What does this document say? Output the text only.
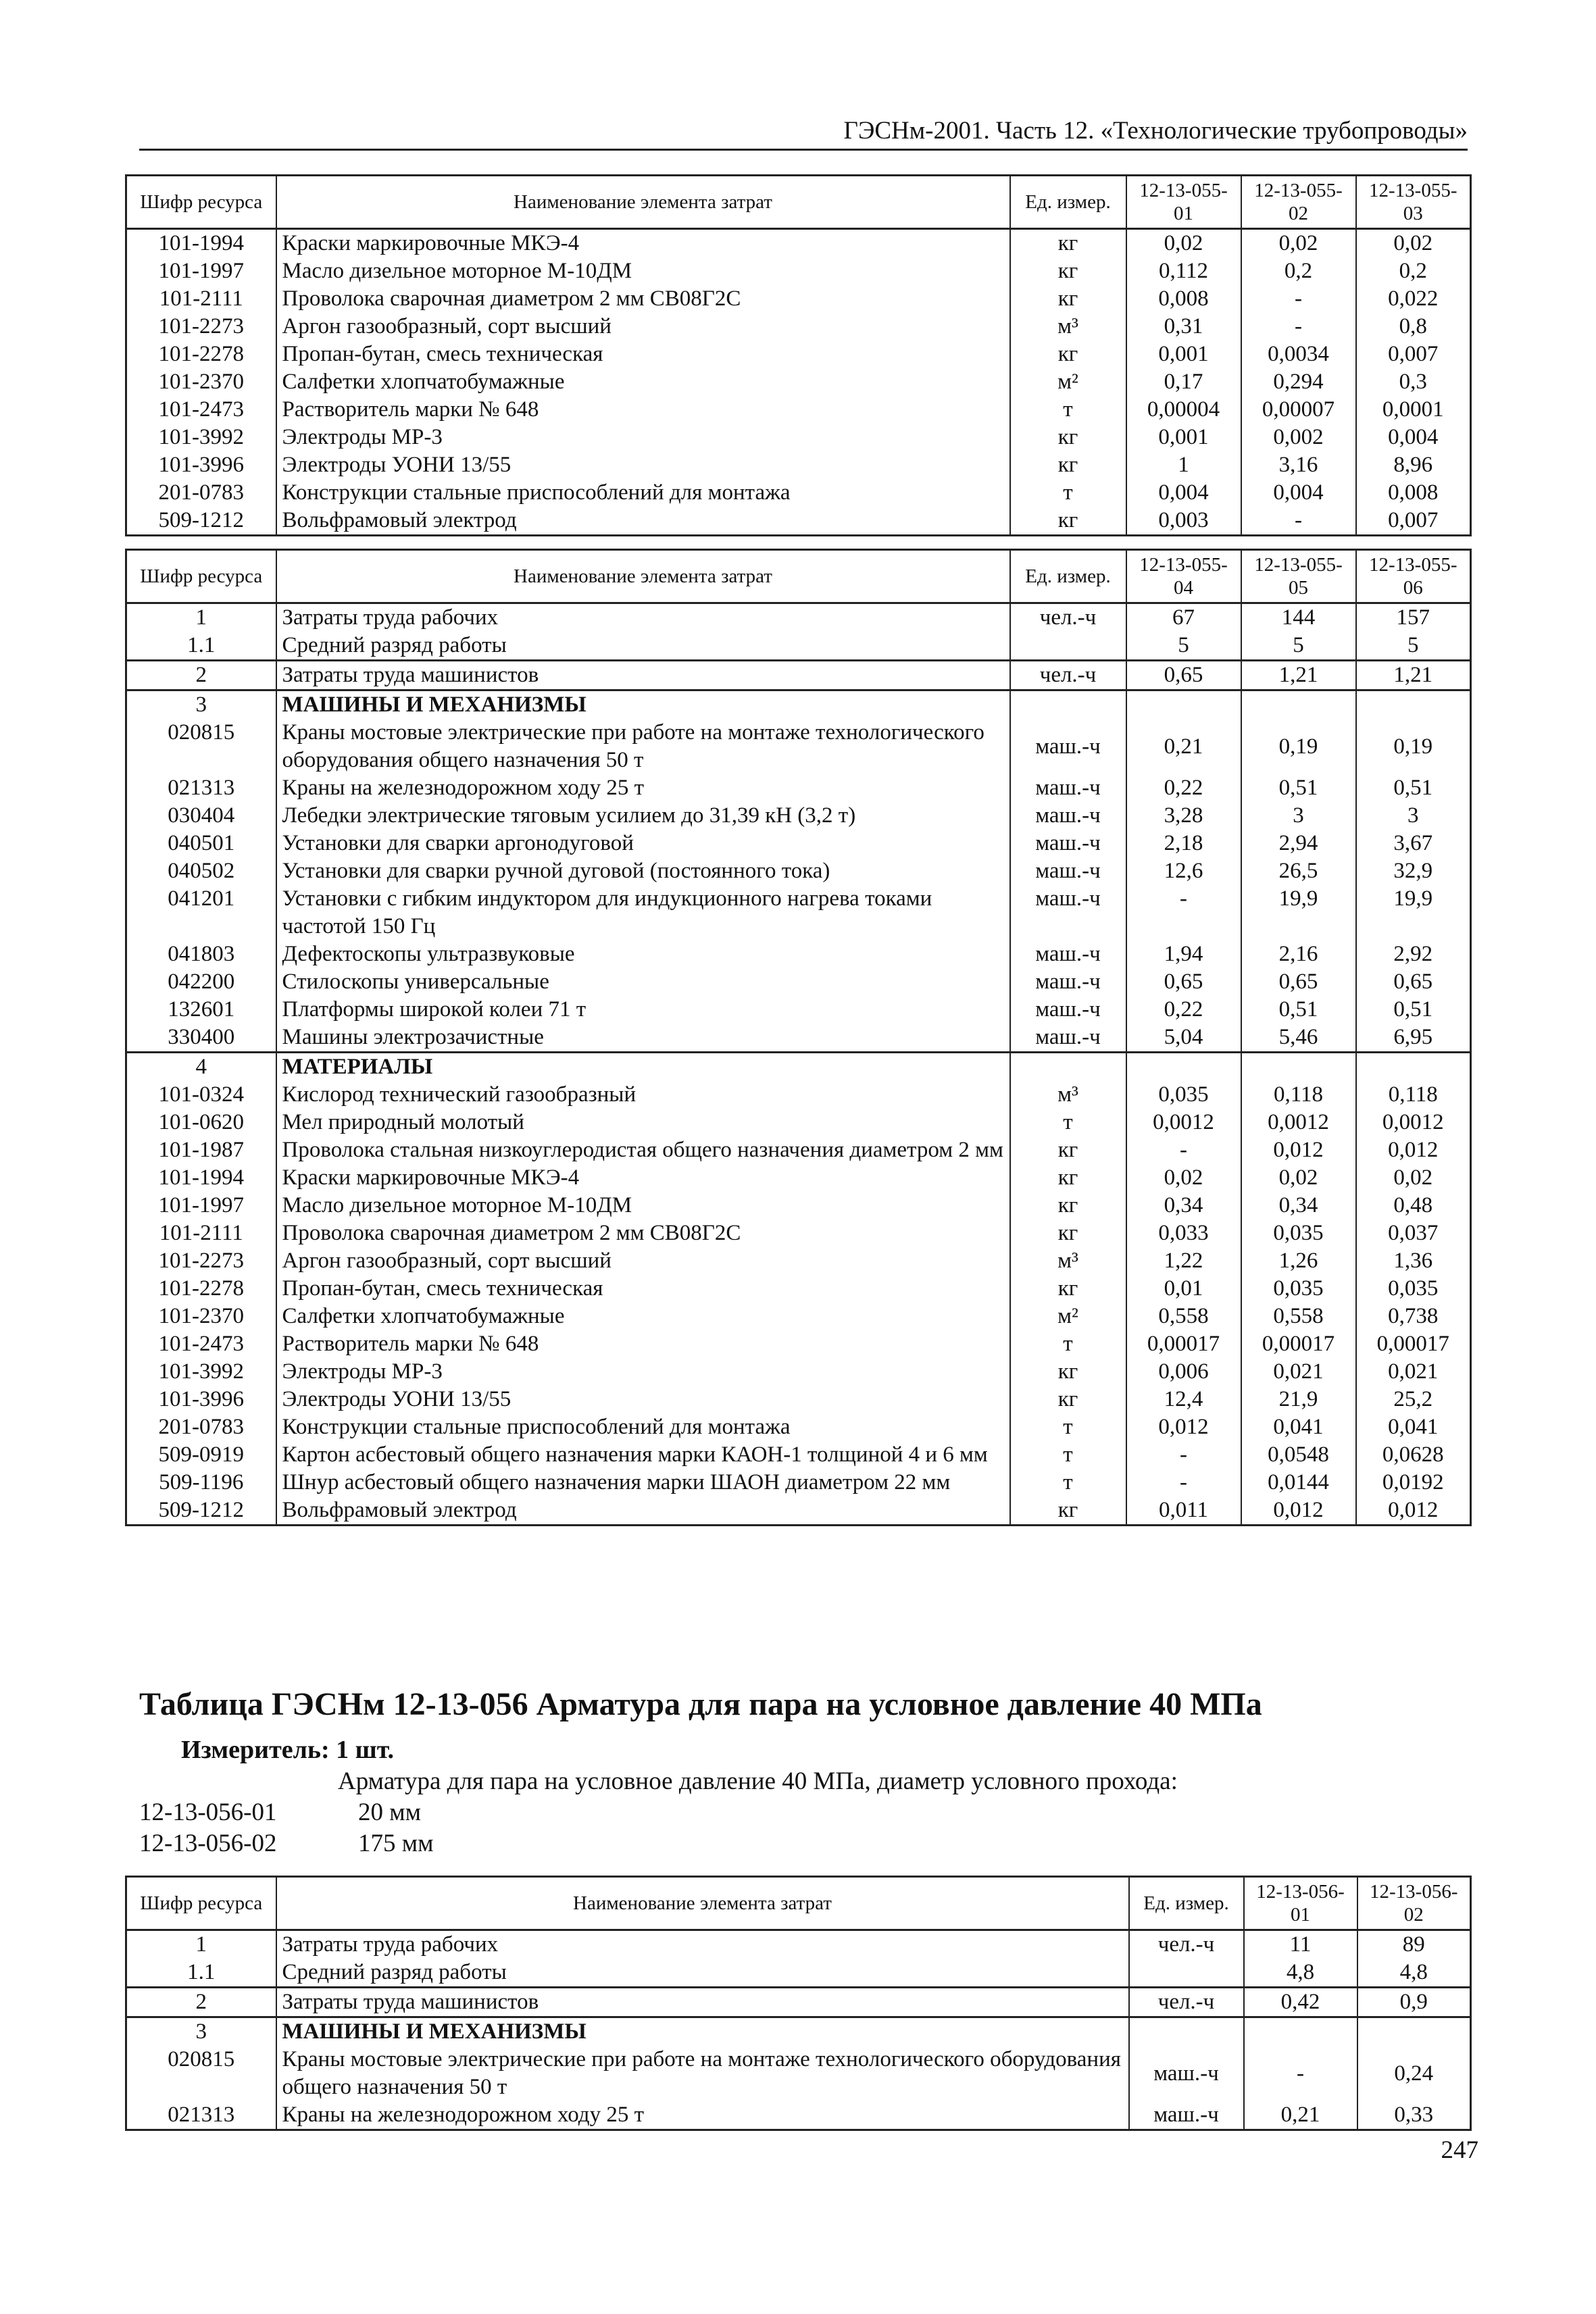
ГЭСНм-2001. Часть 12. «Технологические трубопроводы»
Шифр ресурса	Наименование элемента затрат	Ед. измер.	12-13-055-01	12-13-055-02	12-13-055-03
101-1994	Краски маркировочные МКЭ-4	кг	0,02	0,02	0,02
101-1997	Масло дизельное моторное М-10ДМ	кг	0,112	0,2	0,2
101-2111	Проволока сварочная диаметром 2 мм СВ08Г2С	кг	0,008	-	0,022
101-2273	Аргон газообразный, сорт высший	м³	0,31	-	0,8
101-2278	Пропан-бутан, смесь техническая	кг	0,001	0,0034	0,007
101-2370	Салфетки хлопчатобумажные	м²	0,17	0,294	0,3
101-2473	Растворитель марки № 648	т	0,00004	0,00007	0,0001
101-3992	Электроды МР-3	кг	0,001	0,002	0,004
101-3996	Электроды УОНИ 13/55	кг	1	3,16	8,96
201-0783	Конструкции стальные приспособлений для монтажа	т	0,004	0,004	0,008
509-1212	Вольфрамовый электрод	кг	0,003	-	0,007
Шифр ресурса	Наименование элемента затрат	Ед. измер.	12-13-055-04	12-13-055-05	12-13-055-06
1	Затраты труда рабочих	чел.-ч	67	144	157
1.1	Средний разряд работы		5	5	5
2	Затраты труда машинистов	чел.-ч	0,65	1,21	1,21
3	МАШИНЫ И МЕХАНИЗМЫ				
020815	Краны мостовые электрические при работе на монтаже технологического оборудования общего назначения 50 т	маш.-ч	0,21	0,19	0,19
021313	Краны на железнодорожном ходу 25 т	маш.-ч	0,22	0,51	0,51
030404	Лебедки электрические тяговым усилием до 31,39 кН (3,2 т)	маш.-ч	3,28	3	3
040501	Установки для сварки аргонодуговой	маш.-ч	2,18	2,94	3,67
040502	Установки для сварки ручной дуговой (постоянного тока)	маш.-ч	12,6	26,5	32,9
041201	Установки с гибким индуктором для индукционного нагрева токами частотой 150 Гц	маш.-ч	-	19,9	19,9
041803	Дефектоскопы ультразвуковые	маш.-ч	1,94	2,16	2,92
042200	Стилоскопы универсальные	маш.-ч	0,65	0,65	0,65
132601	Платформы широкой колеи 71 т	маш.-ч	0,22	0,51	0,51
330400	Машины электрозачистные	маш.-ч	5,04	5,46	6,95
4	МАТЕРИАЛЫ				
101-0324	Кислород технический газообразный	м³	0,035	0,118	0,118
101-0620	Мел природный молотый	т	0,0012	0,0012	0,0012
101-1987	Проволока стальная низкоуглеродистая общего назначения диаметром 2 мм	кг	-	0,012	0,012
101-1994	Краски маркировочные МКЭ-4	кг	0,02	0,02	0,02
101-1997	Масло дизельное моторное М-10ДМ	кг	0,34	0,34	0,48
101-2111	Проволока сварочная диаметром 2 мм СВ08Г2С	кг	0,033	0,035	0,037
101-2273	Аргон газообразный, сорт высший	м³	1,22	1,26	1,36
101-2278	Пропан-бутан, смесь техническая	кг	0,01	0,035	0,035
101-2370	Салфетки хлопчатобумажные	м²	0,558	0,558	0,738
101-2473	Растворитель марки № 648	т	0,00017	0,00017	0,00017
101-3992	Электроды МР-3	кг	0,006	0,021	0,021
101-3996	Электроды УОНИ 13/55	кг	12,4	21,9	25,2
201-0783	Конструкции стальные приспособлений для монтажа	т	0,012	0,041	0,041
509-0919	Картон асбестовый общего назначения марки КАОН-1 толщиной 4 и 6 мм	т	-	0,0548	0,0628
509-1196	Шнур асбестовый общего назначения марки ШАОН диаметром 22 мм	т	-	0,0144	0,0192
509-1212	Вольфрамовый электрод	кг	0,011	0,012	0,012
Таблица ГЭСНм 12-13-056 Арматура для пара на условное давление 40 МПа
Измеритель: 1 шт.
Арматура для пара на условное давление 40 МПа, диаметр условного прохода:
12-13-056-01	20 мм
12-13-056-02	175 мм
Шифр ресурса	Наименование элемента затрат	Ед. измер.	12-13-056-01	12-13-056-02
1	Затраты труда рабочих	чел.-ч	11	89
1.1	Средний разряд работы		4,8	4,8
2	Затраты труда машинистов	чел.-ч	0,42	0,9
3	МАШИНЫ И МЕХАНИЗМЫ			
020815	Краны мостовые электрические при работе на монтаже технологического оборудования общего назначения 50 т	маш.-ч	-	0,24
021313	Краны на железнодорожном ходу 25 т	маш.-ч	0,21	0,33
247
